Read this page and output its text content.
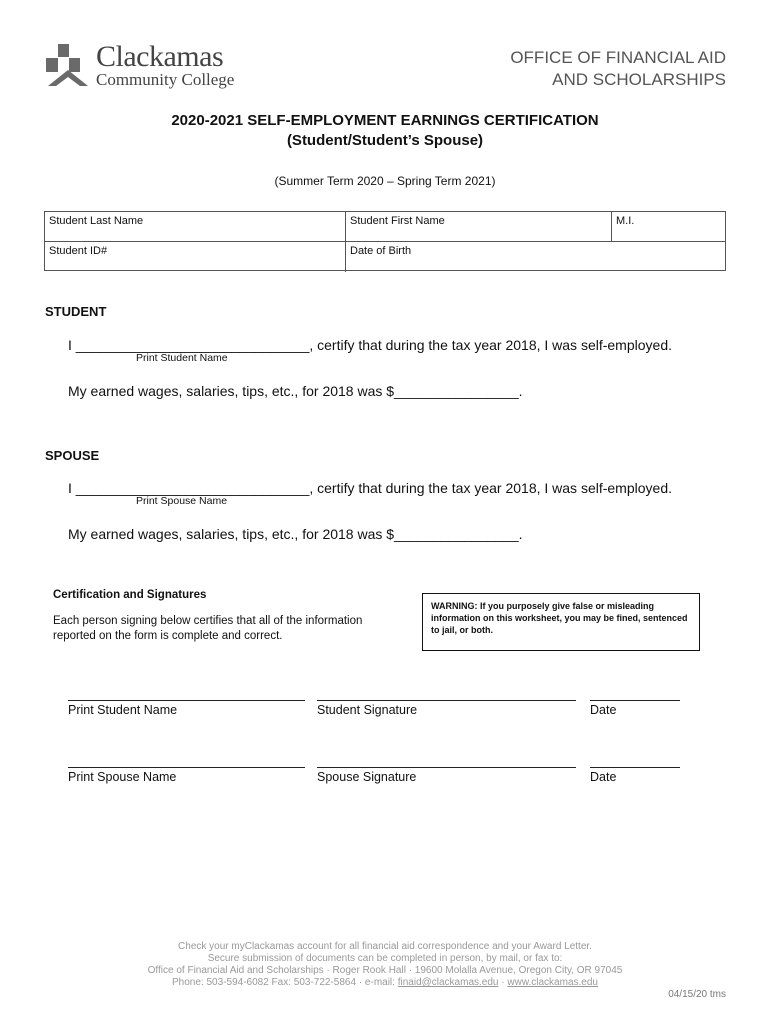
Clackamas
Community College
OFFICE OF FINANCIAL AID
AND SCHOLARSHIPS
2020-2021 SELF-EMPLOYMENT EARNINGS CERTIFICATION
(Student/Student’s Spouse)
(Summer Term 2020 – Spring Term 2021)
Student Last Name	Student First Name	M.I.
Student ID#	Date of Birth
STUDENT
I ______________________________, certify that during the tax year 2018, I was self-employed.
Print Student Name
My earned wages, salaries, tips, etc., for 2018 was $________________.
SPOUSE
I ______________________________, certify that during the tax year 2018, I was self-employed.
Print Spouse Name
My earned wages, salaries, tips, etc., for 2018 was $________________.
Certification and Signatures
Each person signing below certifies that all of the information reported on the form is complete and correct.
WARNING: If you purposely give false or misleading information on this worksheet, you may be fined, sentenced to jail, or both.
Print Student Name	Student Signature	Date
Print Spouse Name	Spouse Signature	Date
Check your myClackamas account for all financial aid correspondence and your Award Letter.
Secure submission of documents can be completed in person, by mail, or fax to:
Office of Financial Aid and Scholarships · Roger Rook Hall · 19600 Molalla Avenue, Oregon City, OR 97045
Phone: 503-594-6082 Fax: 503-722-5864 · e-mail: finaid@clackamas.edu · www.clackamas.edu
04/15/20 tms
